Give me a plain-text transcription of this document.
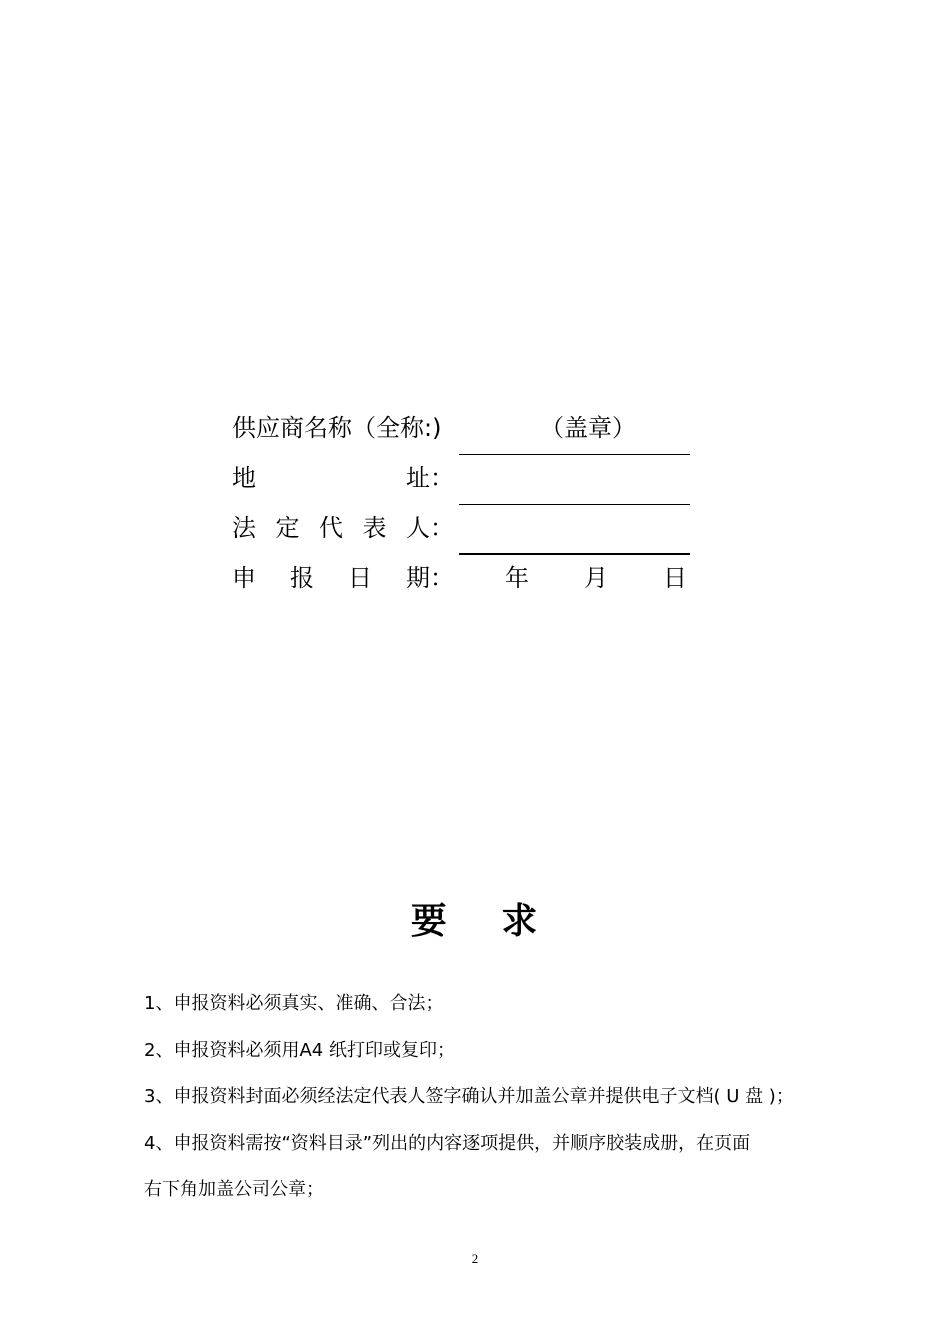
供应商名称（全称:)	（盖章）
地	址：
法 定 代 表 人：
申 报 日 期： 年 月 日
要　 求
1、申报资料必须真实、准确、合法；
2、申报资料必须用A4 纸打印或复印；
3、申报资料封面必须经法定代表人签字确认并加盖公章并提供电子文档( U 盘 )；
4、申报资料需按“资料目录”列出的内容逐项提供，并顺序胶装成册，在页面
右下角加盖公司公章；
2
